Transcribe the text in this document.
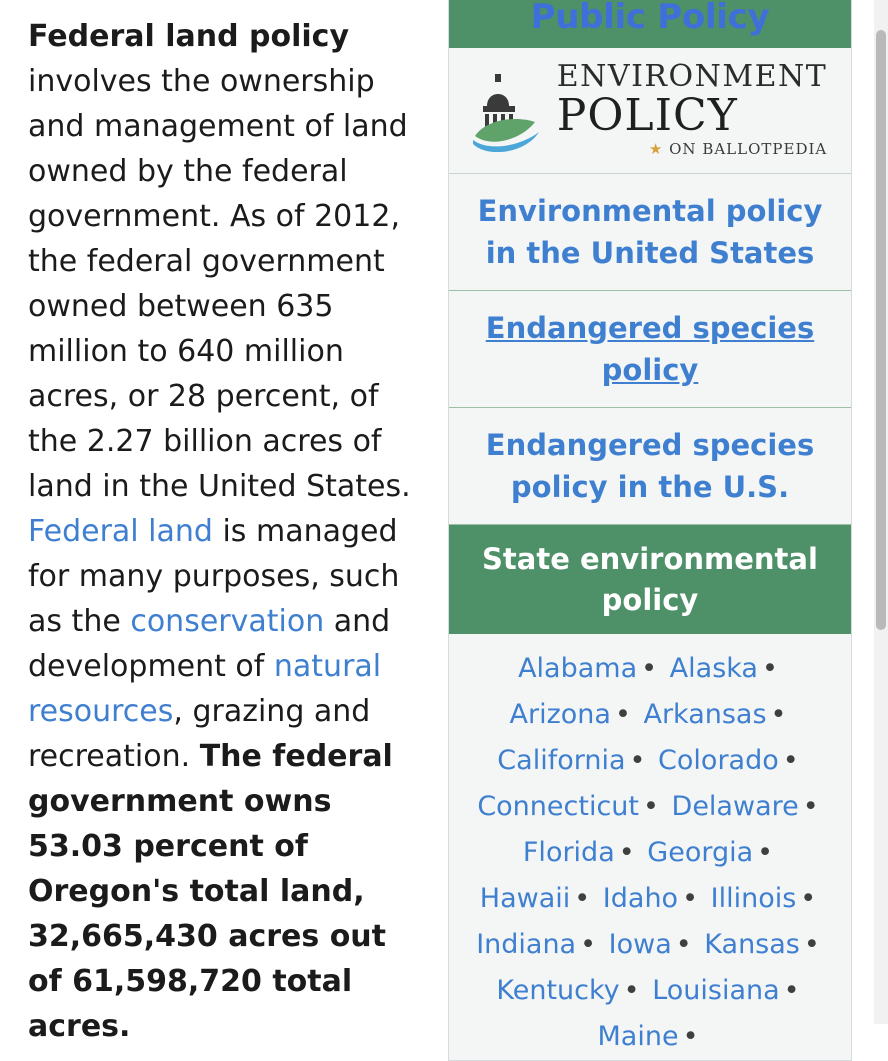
Federal land policy involves the ownership and management of land owned by the federal government. As of 2012, the federal government owned between 635 million to 640 million acres, or 28 percent, of the 2.27 billion acres of land in the United States. Federal land is managed for many purposes, such as the conservation and development of natural resources, grazing and recreation. The federal government owns 53.03 percent of Oregon's total land, 32,665,430 acres out of 61,598,720 total acres.

Public Policy
ENVIRONMENT
POLICY
★ ON BALLOTPEDIA
Environmental policy in the United States
Endangered species policy
Endangered species policy in the U.S.
State environmental policy
Alabama • Alaska • Arizona • Arkansas • California • Colorado • Connecticut • Delaware • Florida • Georgia • Hawaii • Idaho • Illinois • Indiana • Iowa • Kansas • Kentucky • Louisiana • Maine •
